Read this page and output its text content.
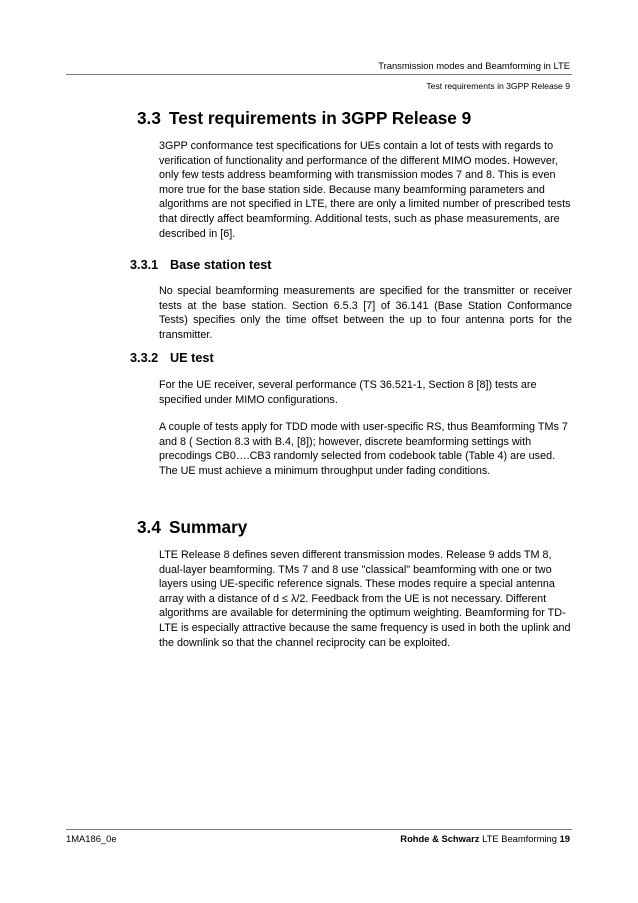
Transmission modes and Beamforming in LTE
Test requirements in 3GPP Release 9
3.3 Test requirements in 3GPP Release 9

3GPP conformance test specifications for UEs contain a lot of tests with regards to verification of functionality and performance of the different MIMO modes. However, only few tests address beamforming with transmission modes 7 and 8. This is even more true for the base station side. Because many beamforming parameters and algorithms are not specified in LTE, there are only a limited number of prescribed tests that directly affect beamforming. Additional tests, such as phase measurements, are described in [6].

3.3.1 Base station test

No special beamforming measurements are specified for the transmitter or receiver tests at the base station. Section 6.5.3 [7] of 36.141 (Base Station Conformance Tests) specifies only the time offset between the up to four antenna ports for the transmitter.

3.3.2 UE test

For the UE receiver, several performance (TS 36.521-1, Section 8 [8]) tests are specified under MIMO configurations.

A couple of tests apply for TDD mode with user-specific RS, thus Beamforming TMs 7 and 8 ( Section 8.3 with B.4, [8]); however, discrete beamforming settings with precodings CB0….CB3 randomly selected from codebook table (Table 4) are used. The UE must achieve a minimum throughput under fading conditions.

3.4 Summary

LTE Release 8 defines seven different transmission modes. Release 9 adds TM 8, dual-layer beamforming. TMs 7 and 8 use "classical" beamforming with one or two layers using UE-specific reference signals. These modes require a special antenna array with a distance of d ≤ λ/2. Feedback from the UE is not necessary. Different algorithms are available for determining the optimum weighting. Beamforming for TD-LTE is especially attractive because the same frequency is used in both the uplink and the downlink so that the channel reciprocity can be exploited.

1MA186_0e	Rohde & Schwarz LTE Beamforming 19
